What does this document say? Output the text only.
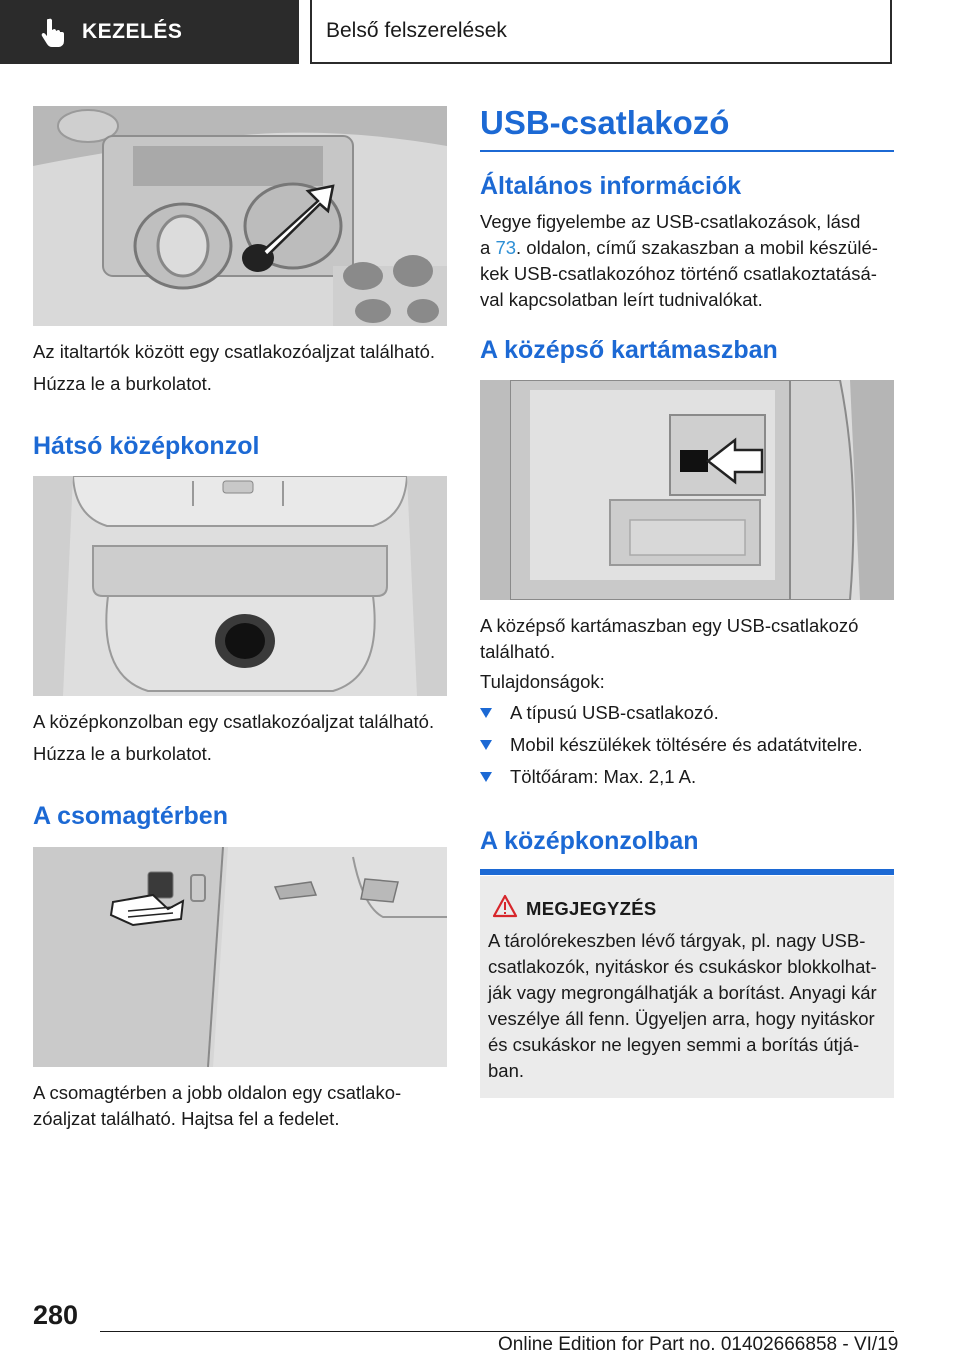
KEZELÉS	Belső felszerelések
Az italtartók között egy csatlakozóaljzat található.
Húzza le a burkolatot.
Hátsó középkonzol
A középkonzolban egy csatlakozóaljzat található.
Húzza le a burkolatot.
A csomagtérben
A csomagtérben a jobb oldalon egy csatlako‐
zóaljzat található. Hajtsa fel a fedelet.
USB-csatlakozó
Általános információk
Vegye figyelembe az USB-csatlakozások, lásd
a 73. oldalon, című szakaszban a mobil készülé‐
kek USB-csatlakozóhoz történő csatlakoztatásá‐
val kapcsolatban leírt tudnivalókat.
A középső kartámaszban
A középső kartámaszban egy USB-csatlakozó
található.
Tulajdonságok:
A típusú USB-csatlakozó.
Mobil készülékek töltésére és adatátvitelre.
Töltőáram: Max. 2,1 A.
A középkonzolban
MEGJEGYZÉS
A tárolórekeszben lévő tárgyak, pl. nagy USB-
csatlakozók, nyitáskor és csukáskor blokkolhat‐
ják vagy megrongálhatják a borítást. Anyagi kár
veszélye áll fenn. Ügyeljen arra, hogy nyitáskor
és csukáskor ne legyen semmi a borítás útjá‐
ban.
280
Online Edition for Part no. 01402666858 - VI/19
